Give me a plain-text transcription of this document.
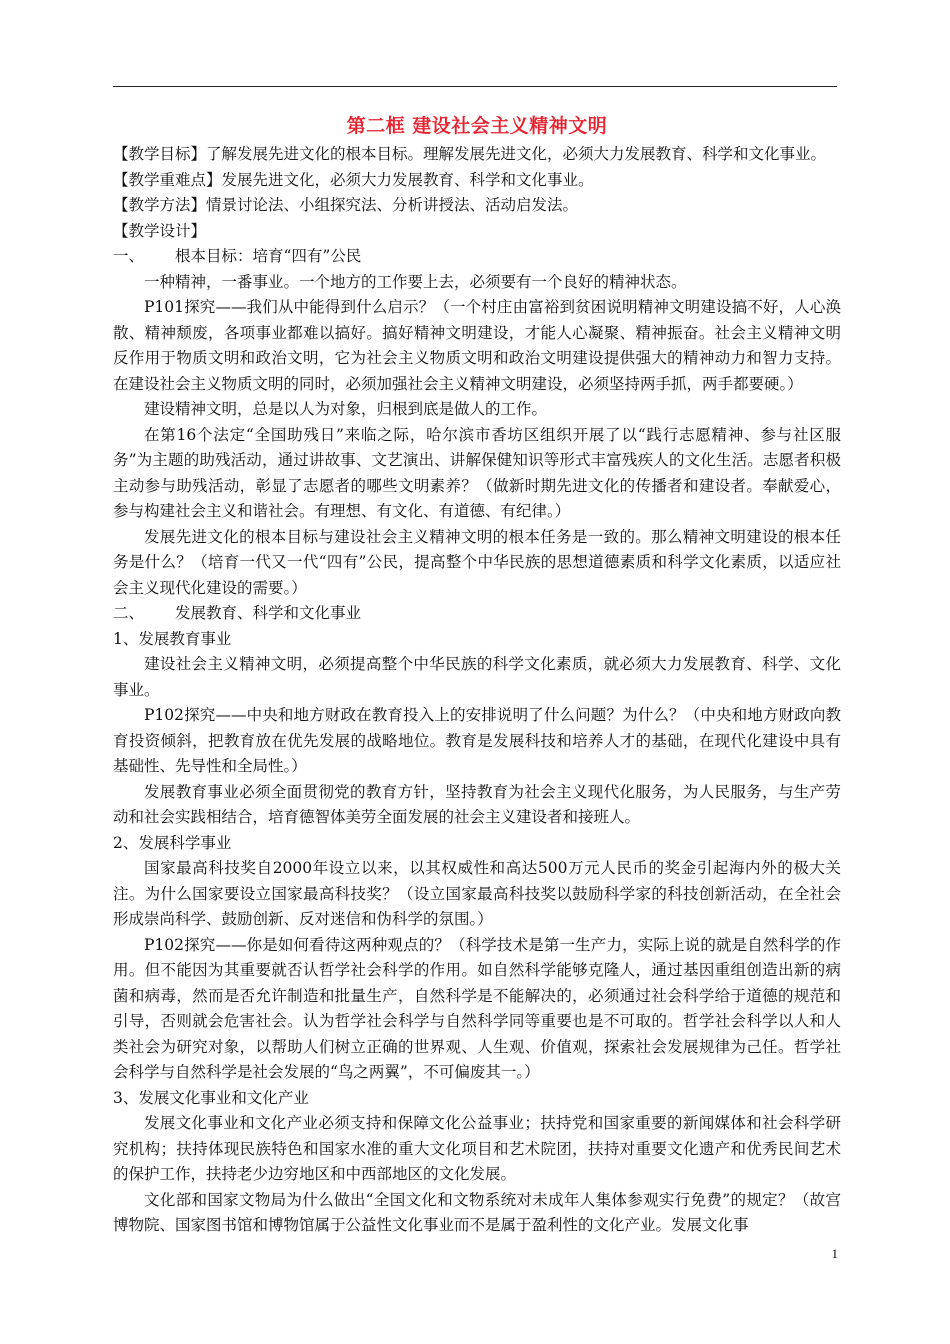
第二框 建设社会主义精神文明

【教学目标】了解发展先进文化的根本目标。理解发展先进文化，必须大力发展教育、科学和文化事业。

【教学重难点】发展先进文化，必须大力发展教育、科学和文化事业。

【教学方法】情景讨论法、小组探究法、分析讲授法、活动启发法。

【教学设计】

一、 根本目标：培育“四有”公民

一种精神，一番事业。一个地方的工作要上去，必须要有一个良好的精神状态。

P101探究——我们从中能得到什么启示？（一个村庄由富裕到贫困说明精神文明建设搞不好，人心涣散、精神颓废，各项事业都难以搞好。搞好精神文明建设，才能人心凝聚、精神振奋。社会主义精神文明反作用于物质文明和政治文明，它为社会主义物质文明和政治文明建设提供强大的精神动力和智力支持。在建设社会主义物质文明的同时，必须加强社会主义精神文明建设，必须坚持两手抓，两手都要硬。）

建设精神文明，总是以人为对象，归根到底是做人的工作。

在第16个法定“全国助残日”来临之际，哈尔滨市香坊区组织开展了以“践行志愿精神、参与社区服务”为主题的助残活动，通过讲故事、文艺演出、讲解保健知识等形式丰富残疾人的文化生活。志愿者积极主动参与助残活动，彰显了志愿者的哪些文明素养？（做新时期先进文化的传播者和建设者。奉献爱心，参与构建社会主义和谐社会。有理想、有文化、有道德、有纪律。）

发展先进文化的根本目标与建设社会主义精神文明的根本任务是一致的。那么精神文明建设的根本任务是什么？（培育一代又一代“四有”公民，提高整个中华民族的思想道德素质和科学文化素质，以适应社会主义现代化建设的需要。）

二、 发展教育、科学和文化事业

1、发展教育事业

建设社会主义精神文明，必须提高整个中华民族的科学文化素质，就必须大力发展教育、科学、文化事业。

P102探究——中央和地方财政在教育投入上的安排说明了什么问题？为什么？（中央和地方财政向教育投资倾斜，把教育放在优先发展的战略地位。教育是发展科技和培养人才的基础，在现代化建设中具有基础性、先导性和全局性。）

发展教育事业必须全面贯彻党的教育方针，坚持教育为社会主义现代化服务，为人民服务，与生产劳动和社会实践相结合，培育德智体美劳全面发展的社会主义建设者和接班人。

2、发展科学事业

国家最高科技奖自2000年设立以来，以其权威性和高达500万元人民币的奖金引起海内外的极大关注。为什么国家要设立国家最高科技奖？（设立国家最高科技奖以鼓励科学家的科技创新活动，在全社会形成崇尚科学、鼓励创新、反对迷信和伪科学的氛围。）

P102探究——你是如何看待这两种观点的？（科学技术是第一生产力，实际上说的就是自然科学的作用。但不能因为其重要就否认哲学社会科学的作用。如自然科学能够克隆人，通过基因重组创造出新的病菌和病毒，然而是否允许制造和批量生产，自然科学是不能解决的，必须通过社会科学给于道德的规范和引导，否则就会危害社会。认为哲学社会科学与自然科学同等重要也是不可取的。哲学社会科学以人和人类社会为研究对象，以帮助人们树立正确的世界观、人生观、价值观，探索社会发展规律为己任。哲学社会科学与自然科学是社会发展的“鸟之两翼”，不可偏废其一。）

3、发展文化事业和文化产业

发展文化事业和文化产业必须支持和保障文化公益事业；扶持党和国家重要的新闻媒体和社会科学研究机构；扶持体现民族特色和国家水准的重大文化项目和艺术院团，扶持对重要文化遗产和优秀民间艺术的保护工作，扶持老少边穷地区和中西部地区的文化发展。

文化部和国家文物局为什么做出“全国文化和文物系统对未成年人集体参观实行免费”的规定？（故宫博物院、国家图书馆和博物馆属于公益性文化事业而不是属于盈利性的文化产业。发展文化事

1
